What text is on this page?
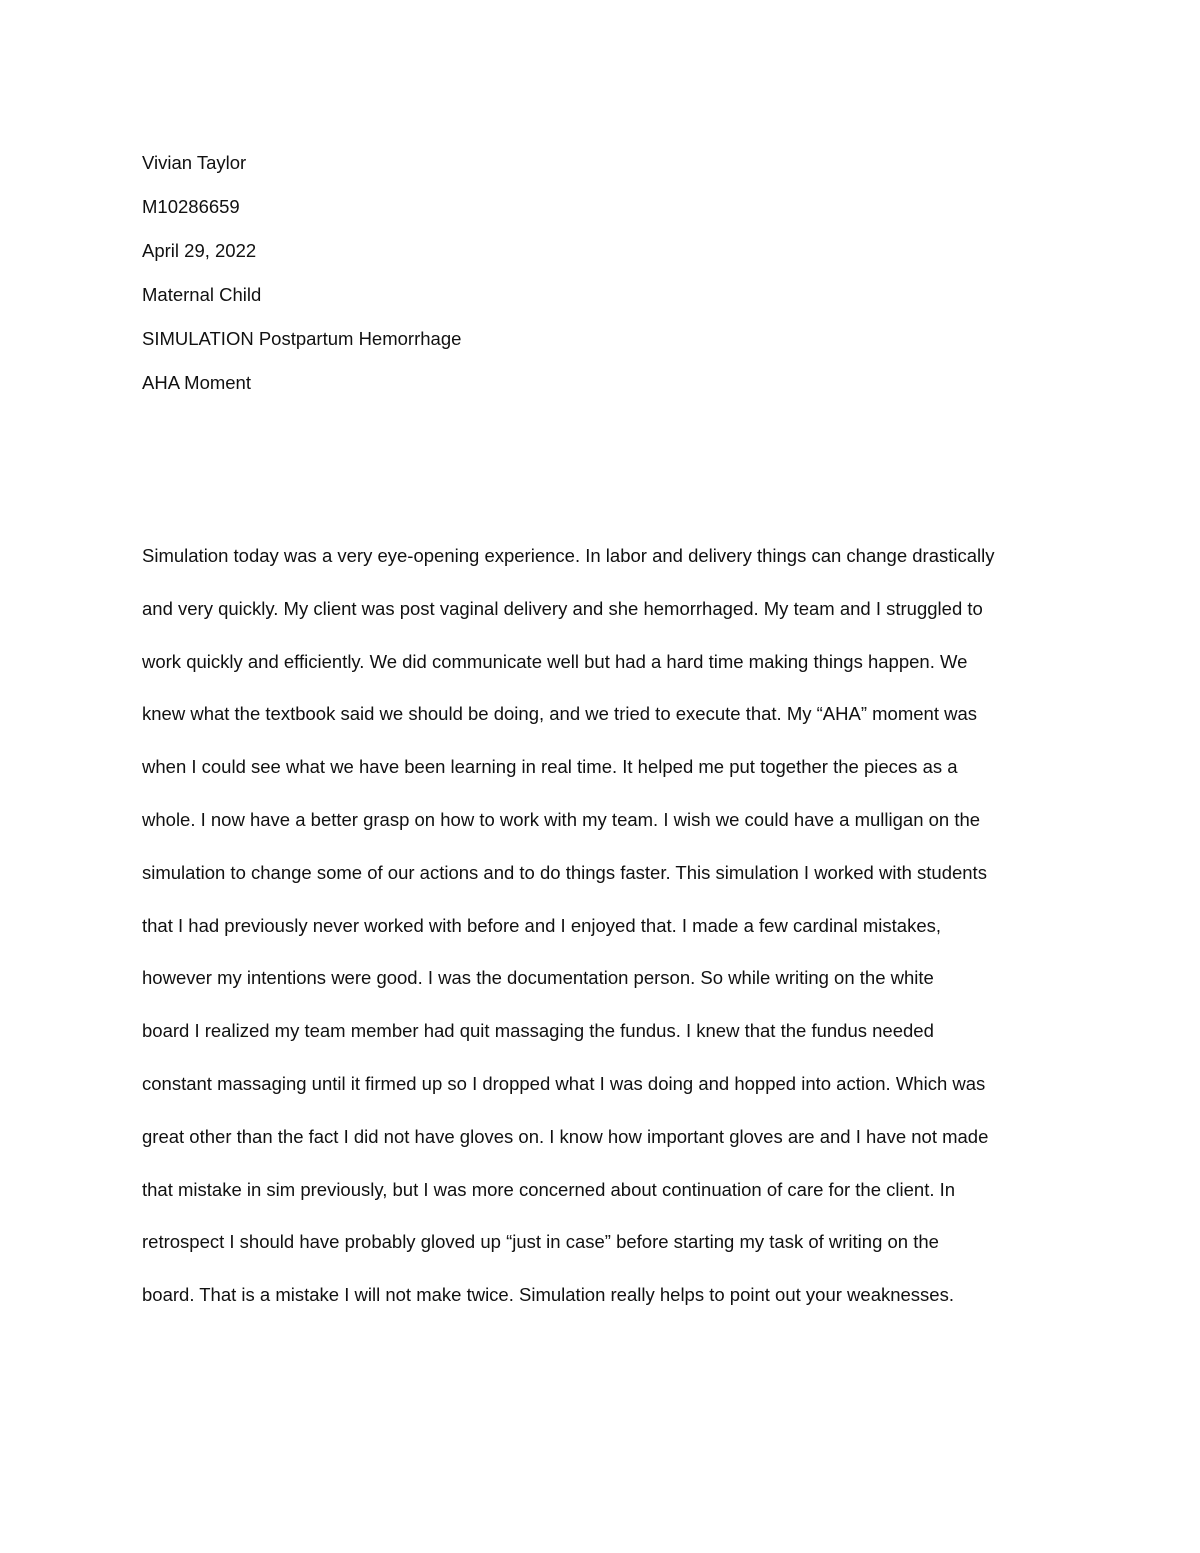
Vivian Taylor
M10286659
April 29, 2022
Maternal Child
SIMULATION Postpartum Hemorrhage
AHA Moment
Simulation today was a very eye-opening experience. In labor and delivery things can change drastically
and very quickly. My client was post vaginal delivery and she hemorrhaged. My team and I struggled to
work quickly and efficiently. We did communicate well but had a hard time making things happen. We
knew what the textbook said we should be doing, and we tried to execute that. My “AHA” moment was
when I could see what we have been learning in real time. It helped me put together the pieces as a
whole. I now have a better grasp on how to work with my team. I wish we could have a mulligan on the
simulation to change some of our actions and to do things faster. This simulation I worked with students
that I had previously never worked with before and I enjoyed that. I made a few cardinal mistakes,
however my intentions were good. I was the documentation person. So while writing on the white
board I realized my team member had quit massaging the fundus. I knew that the fundus needed
constant massaging until it firmed up so I dropped what I was doing and hopped into action. Which was
great other than the fact I did not have gloves on. I know how important gloves are and I have not made
that mistake in sim previously, but I was more concerned about continuation of care for the client. In
retrospect I should have probably gloved up “just in case” before starting my task of writing on the
board. That is a mistake I will not make twice. Simulation really helps to point out your weaknesses.
